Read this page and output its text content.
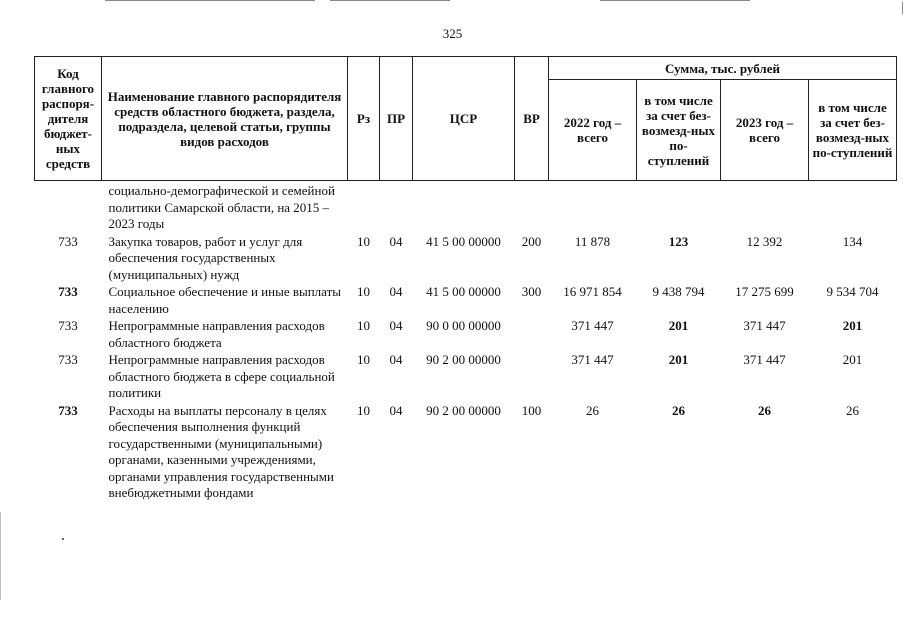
325
Код главного распоря-дителя бюджет-ных средств	Наименование главного распорядителя средств областного бюджета, раздела, подраздела, целевой статьи, группы видов расходов	Рз	ПР	ЦСР	ВР	Сумма, тыс. рублей			
						2022 год – всего	в том числе за счет без-возмезд-ных по-ступлений	2023 год – всего	в том числе за счет без-возмезд-ных по-ступлений
	социально-демографической и семейной политики Самарской области, на 2015 – 2023 годы								
733	Закупка товаров, работ и услуг для обеспечения государственных (муниципальных) нужд	10	04	41 5 00 00000	200	11 878	123	12 392	134
733	Социальное обеспечение и иные выплаты населению	10	04	41 5 00 00000	300	16 971 854	9 438 794	17 275 699	9 534 704
733	Непрограммные направления расходов областного бюджета	10	04	90 0 00 00000		371 447	201	371 447	201
733	Непрограммные направления расходов областного бюджета в сфере социальной политики	10	04	90 2 00 00000		371 447	201	371 447	201
733	Расходы на выплаты персоналу в целях обеспечения выполнения функций государственными (муниципальными) органами, казенными учреждениями, органами управления государственными внебюджетными фондами	10	04	90 2 00 00000	100	26	26	26	26
